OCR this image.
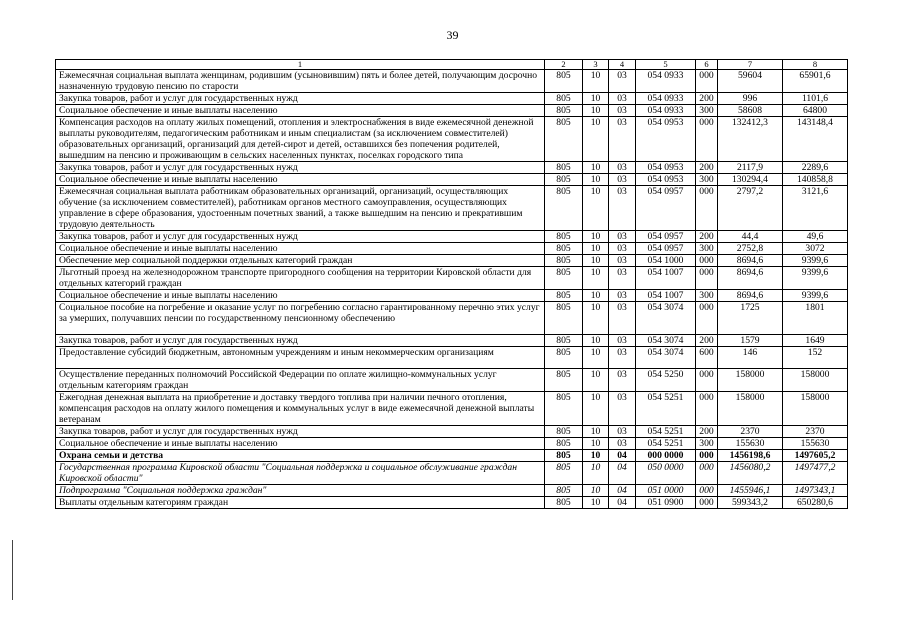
39
1	2	3	4	5	6	7	8
Ежемесячная социальная выплата женщинам, родившим (усыновившим) пять и более детей, получающим досрочно назначенную трудовую пенсию по старости	805	10	03	054 0933	000	59604	65901,6
Закупка товаров, работ и услуг для государственных нужд	805	10	03	054 0933	200	996	1101,6
Социальное обеспечение и иные выплаты населению	805	10	03	054 0933	300	58608	64800
Компенсация расходов на оплату жилых помещений, отопления и электроснабжения в виде ежемесячной денежной выплаты руководителям, педагогическим работникам и иным специалистам (за исключением совместителей) образовательных организаций, организаций для детей-сирот и детей, оставшихся без попечения родителей, вышедшим на пенсию и проживающим в сельских населенных пунктах, поселках городского типа	805	10	03	054 0953	000	132412,3	143148,4
Закупка товаров, работ и услуг для государственных нужд	805	10	03	054 0953	200	2117,9	2289,6
Социальное обеспечение и иные выплаты населению	805	10	03	054 0953	300	130294,4	140858,8
Ежемесячная социальная выплата работникам образовательных организаций, организаций, осуществляющих обучение (за исключением совместителей), работникам органов местного самоуправления, осуществляющих управление в сфере образования, удостоенным почетных званий, а также вышедшим на пенсию и прекратившим трудовую деятельность	805	10	03	054 0957	000	2797,2	3121,6
Закупка товаров, работ и услуг для государственных нужд	805	10	03	054 0957	200	44,4	49,6
Социальное обеспечение и иные выплаты населению	805	10	03	054 0957	300	2752,8	3072
Обеспечение мер социальной поддержки отдельных категорий граждан	805	10	03	054 1000	000	8694,6	9399,6
Льготный проезд на железнодорожном транспорте пригородного сообщения на территории Кировской области для отдельных категорий граждан	805	10	03	054 1007	000	8694,6	9399,6
Социальное обеспечение и иные выплаты населению	805	10	03	054 1007	300	8694,6	9399,6
Социальное пособие на погребение и оказание услуг по погребению согласно гарантированному перечню этих услуг за умерших, получавших пенсии по государственному пенсионному обеспечению	805	10	03	054 3074	000	1725	1801
Закупка товаров, работ и услуг для государственных нужд	805	10	03	054 3074	200	1579	1649
Предоставление субсидий бюджетным, автономным учреждениям и иным некоммерческим организациям	805	10	03	054 3074	600	146	152
Осуществление переданных полномочий Российской Федерации по оплате жилищно-коммунальных услуг отдельным категориям граждан	805	10	03	054 5250	000	158000	158000
Ежегодная денежная выплата на приобретение и доставку твердого топлива при наличии печного отопления, компенсация расходов на оплату жилого помещения и коммунальных услуг в виде ежемесячной денежной выплаты ветеранам	805	10	03	054 5251	000	158000	158000
Закупка товаров, работ и услуг для государственных нужд	805	10	03	054 5251	200	2370	2370
Социальное обеспечение и иные выплаты населению	805	10	03	054 5251	300	155630	155630
Охрана семьи и детства	805	10	04	000 0000	000	1456198,6	1497605,2
Государственная программа Кировской области "Социальная поддержка и социальное обслуживание граждан Кировской области"	805	10	04	050 0000	000	1456080,2	1497477,2
Подпрограмма "Социальная поддержка граждан"	805	10	04	051 0000	000	1455946,1	1497343,1
Выплаты отдельным категориям граждан	805	10	04	051 0900	000	599343,2	650280,6
